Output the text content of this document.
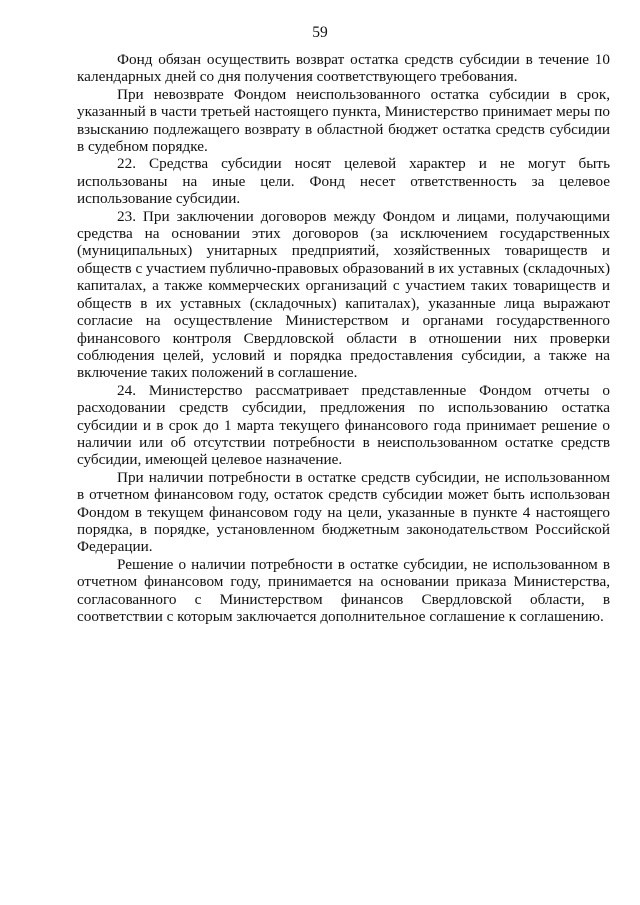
59

Фонд обязан осуществить возврат остатка средств субсидии в течение 10 календарных дней со дня получения соответствующего требования.

При невозврате Фондом неиспользованного остатка субсидии в срок, указанный в части третьей настоящего пункта, Министерство принимает меры по взысканию подлежащего возврату в областной бюджет остатка средств субсидии в судебном порядке.

22. Средства субсидии носят целевой характер и не могут быть использованы на иные цели. Фонд несет ответственность за целевое использование субсидии.

23. При заключении договоров между Фондом и лицами, получающими средства на основании этих договоров (за исключением государственных (муниципальных) унитарных предприятий, хозяйственных товариществ и обществ с участием публично-правовых образований в их уставных (складочных) капиталах, а также коммерческих организаций с участием таких товариществ и обществ в их уставных (складочных) капиталах), указанные лица выражают согласие на осуществление Министерством и органами государственного финансового контроля Свердловской области в отношении них проверки соблюдения целей, условий и порядка предоставления субсидии, а также на включение таких положений в соглашение.

24. Министерство рассматривает представленные Фондом отчеты о расходовании средств субсидии, предложения по использованию остатка субсидии и в срок до 1 марта текущего финансового года принимает решение о наличии или об отсутствии потребности в неиспользованном остатке средств субсидии, имеющей целевое назначение.

При наличии потребности в остатке средств субсидии, не использованном в отчетном финансовом году, остаток средств субсидии может быть использован Фондом в текущем финансовом году на цели, указанные в пункте 4 настоящего порядка, в порядке, установленном бюджетным законодательством Российской Федерации.

Решение о наличии потребности в остатке субсидии, не использованном в отчетном финансовом году, принимается на основании приказа Министерства, согласованного с Министерством финансов Свердловской области, в соответствии с которым заключается дополнительное соглашение к соглашению.
